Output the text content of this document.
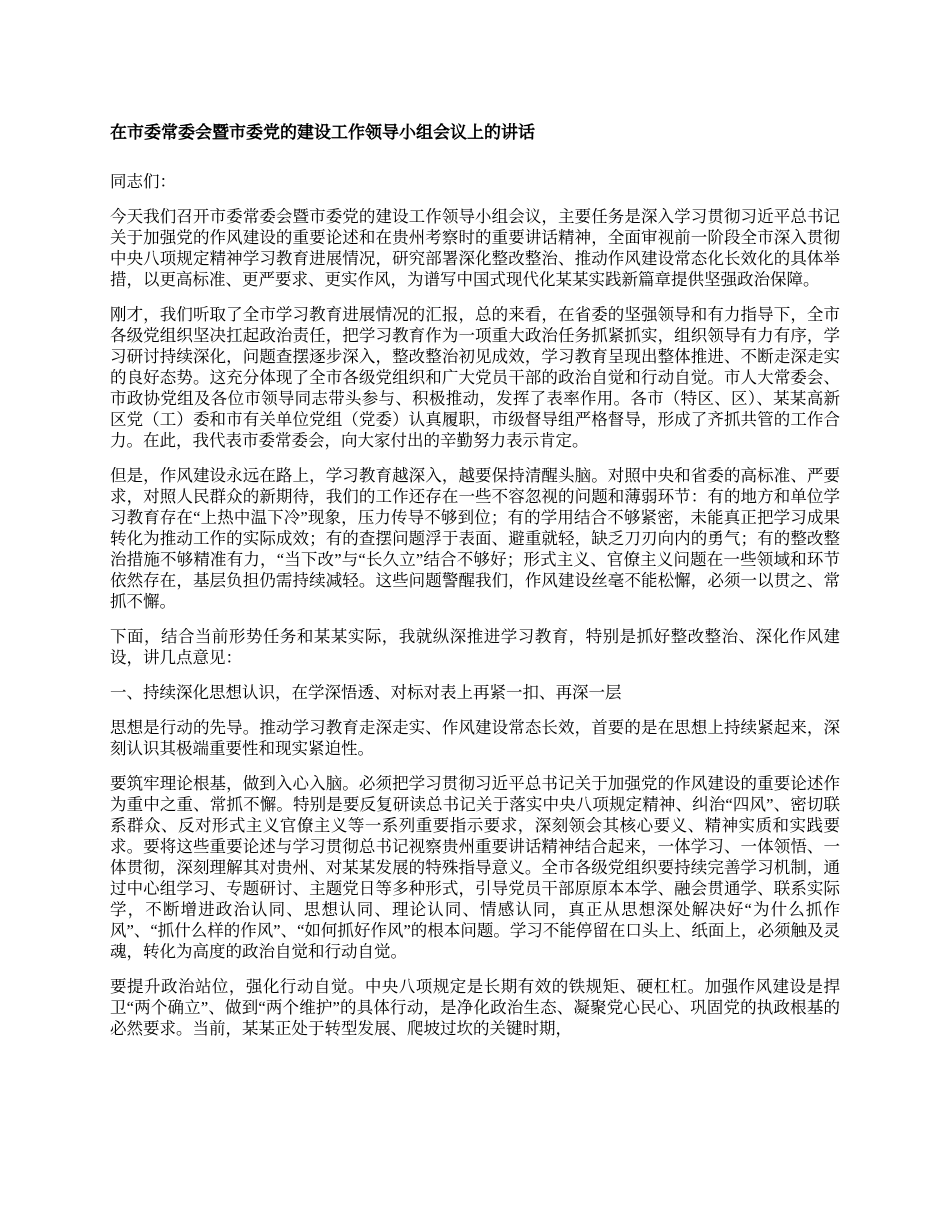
在市委常委会暨市委党的建设工作领导小组会议上的讲话

同志们：

今天我们召开市委常委会暨市委党的建设工作领导小组会议，主要任务是深入学习贯彻习近平总书记关于加强党的作风建设的重要论述和在贵州考察时的重要讲话精神，全面审视前一阶段全市深入贯彻中央八项规定精神学习教育进展情况，研究部署深化整改整治、推动作风建设常态化长效化的具体举措，以更高标准、更严要求、更实作风，为谱写中国式现代化某某实践新篇章提供坚强政治保障。

刚才，我们听取了全市学习教育进展情况的汇报，总的来看，在省委的坚强领导和有力指导下，全市各级党组织坚决扛起政治责任，把学习教育作为一项重大政治任务抓紧抓实，组织领导有力有序，学习研讨持续深化，问题查摆逐步深入，整改整治初见成效，学习教育呈现出整体推进、不断走深走实的良好态势。这充分体现了全市各级党组织和广大党员干部的政治自觉和行动自觉。市人大常委会、市政协党组及各位市领导同志带头参与、积极推动，发挥了表率作用。各市（特区、区）、某某高新区党（工）委和市有关单位党组（党委）认真履职，市级督导组严格督导，形成了齐抓共管的工作合力。在此，我代表市委常委会，向大家付出的辛勤努力表示肯定。

但是，作风建设永远在路上，学习教育越深入，越要保持清醒头脑。对照中央和省委的高标准、严要求，对照人民群众的新期待，我们的工作还存在一些不容忽视的问题和薄弱环节：有的地方和单位学习教育存在“上热中温下冷”现象，压力传导不够到位；有的学用结合不够紧密，未能真正把学习成果转化为推动工作的实际成效；有的查摆问题浮于表面、避重就轻，缺乏刀刃向内的勇气；有的整改整治措施不够精准有力，“当下改”与“长久立”结合不够好；形式主义、官僚主义问题在一些领域和环节依然存在，基层负担仍需持续减轻。这些问题警醒我们，作风建设丝毫不能松懈，必须一以贯之、常抓不懈。

下面，结合当前形势任务和某某实际，我就纵深推进学习教育，特别是抓好整改整治、深化作风建设，讲几点意见：

一、持续深化思想认识，在学深悟透、对标对表上再紧一扣、再深一层

思想是行动的先导。推动学习教育走深走实、作风建设常态长效，首要的是在思想上持续紧起来，深刻认识其极端重要性和现实紧迫性。

要筑牢理论根基，做到入心入脑。必须把学习贯彻习近平总书记关于加强党的作风建设的重要论述作为重中之重、常抓不懈。特别是要反复研读总书记关于落实中央八项规定精神、纠治“四风”、密切联系群众、反对形式主义官僚主义等一系列重要指示要求，深刻领会其核心要义、精神实质和实践要求。要将这些重要论述与学习贯彻总书记视察贵州重要讲话精神结合起来，一体学习、一体领悟、一体贯彻，深刻理解其对贵州、对某某发展的特殊指导意义。全市各级党组织要持续完善学习机制，通过中心组学习、专题研讨、主题党日等多种形式，引导党员干部原原本本学、融会贯通学、联系实际学，不断增进政治认同、思想认同、理论认同、情感认同，真正从思想深处解决好“为什么抓作风”、“抓什么样的作风”、“如何抓好作风”的根本问题。学习不能停留在口头上、纸面上，必须触及灵魂，转化为高度的政治自觉和行动自觉。

要提升政治站位，强化行动自觉。中央八项规定是长期有效的铁规矩、硬杠杠。加强作风建设是捍卫“两个确立”、做到“两个维护”的具体行动，是净化政治生态、凝聚党心民心、巩固党的执政根基的必然要求。当前，某某正处于转型发展、爬坡过坎的关键时期，
